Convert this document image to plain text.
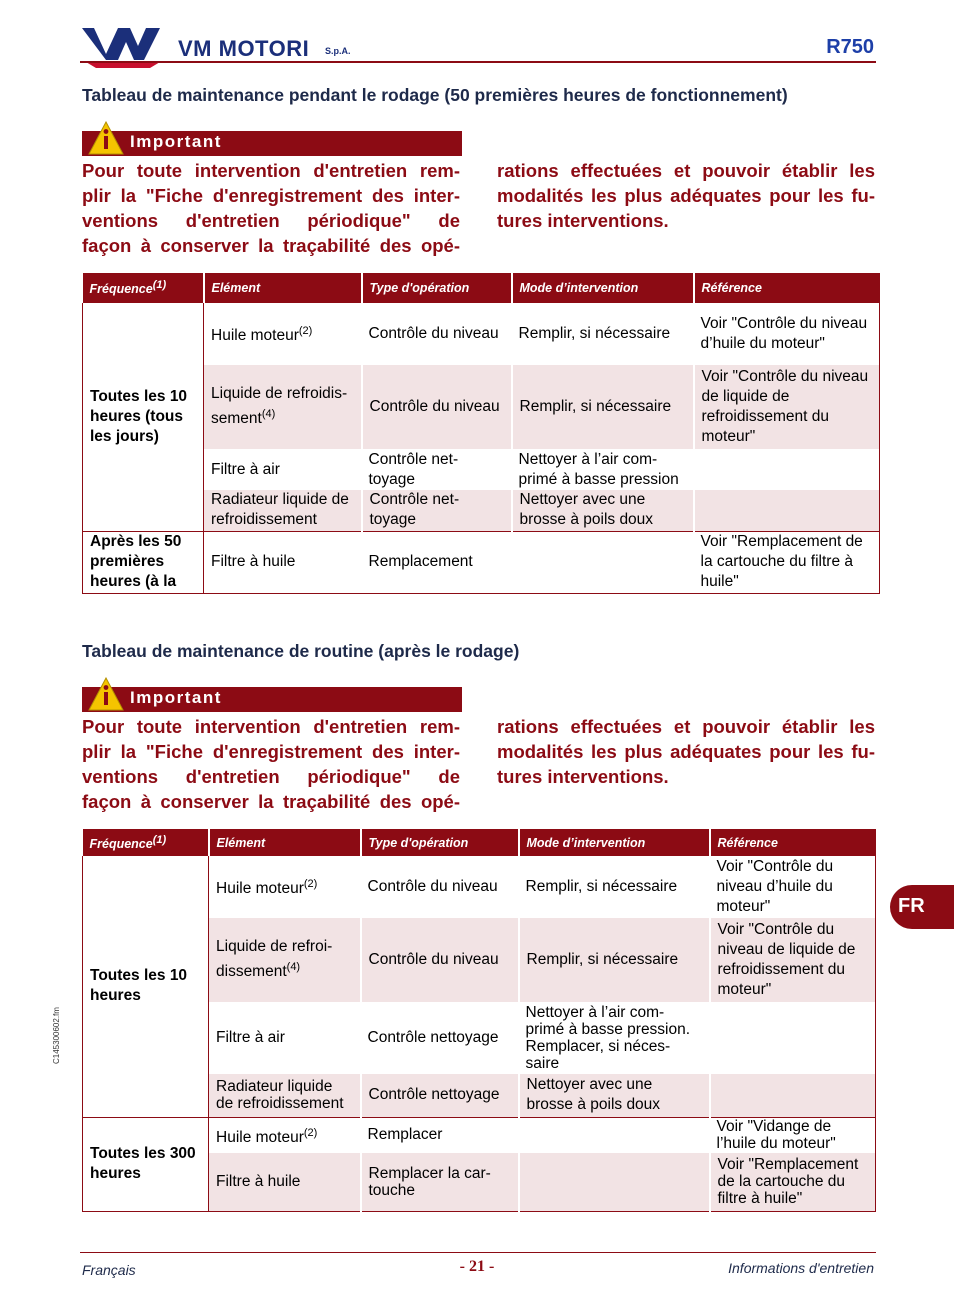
VM MOTORI S.p.A.	R750
Tableau de maintenance pendant le rodage (50 premières heures de fonctionnement)
Important
Pour toute intervention d'entretien rem-
plir la "Fiche d'enregistrement des inter-
ventions d'entretien périodique" de
façon à conserver la traçabilité des opé-
rations effectuées et pouvoir établir les
modalités les plus adéquates pour les fu-
tures interventions.
Fréquence$^{(1)}$	Elément	Type d'opération	Mode d’intervention	Référence
Toutes les 10 heures (tous les jours)	Huile moteur$^{(2)}$	Contrôle du niveau	Remplir, si nécessaire	Voir "Contrôle du niveau d’huile du moteur"
	Liquide de refroidis-sement$^{(4)}$	Contrôle du niveau	Remplir, si nécessaire	Voir "Contrôle du niveau de liquide de refroidissement du moteur"
	Filtre à air	Contrôle net-toyage	Nettoyer à l’air com-primé à basse pression	
	Radiateur liquide de refroidissement	Contrôle net-toyage	Nettoyer avec une brosse à poils doux	
Après les 50 premières heures (à la	Filtre à huile	Remplacement		Voir "Remplacement de la cartouche du filtre à huile"
Tableau de maintenance de routine (après le rodage)
Important
Pour toute intervention d'entretien rem-
plir la "Fiche d'enregistrement des inter-
ventions d'entretien périodique" de
façon à conserver la traçabilité des opé-
rations effectuées et pouvoir établir les
modalités les plus adéquates pour les fu-
tures interventions.
Fréquence$^{(1)}$	Elément	Type d'opération	Mode d’intervention	Référence
Toutes les 10 heures	Huile moteur$^{(2)}$	Contrôle du niveau	Remplir, si nécessaire	Voir "Contrôle du niveau d’huile du moteur"
	Liquide de refroi-dissement$^{(4)}$	Contrôle du niveau	Remplir, si nécessaire	Voir "Contrôle du niveau de liquide de refroidissement du moteur"
	Filtre à air	Contrôle nettoyage	Nettoyer à l’air com-primé à basse pression. Remplacer, si néces-saire	
	Radiateur liquide de refroidissement	Contrôle nettoyage	Nettoyer avec une brosse à poils doux	
Toutes les 300 heures	Huile moteur$^{(2)}$	Remplacer		Voir "Vidange de l’huile du moteur"
	Filtre à huile	Remplacer la car-touche		Voir "Remplacement de la cartouche du filtre à huile"
FR
C145300602.fm
Français	- 21 -	Informations d'entretien
